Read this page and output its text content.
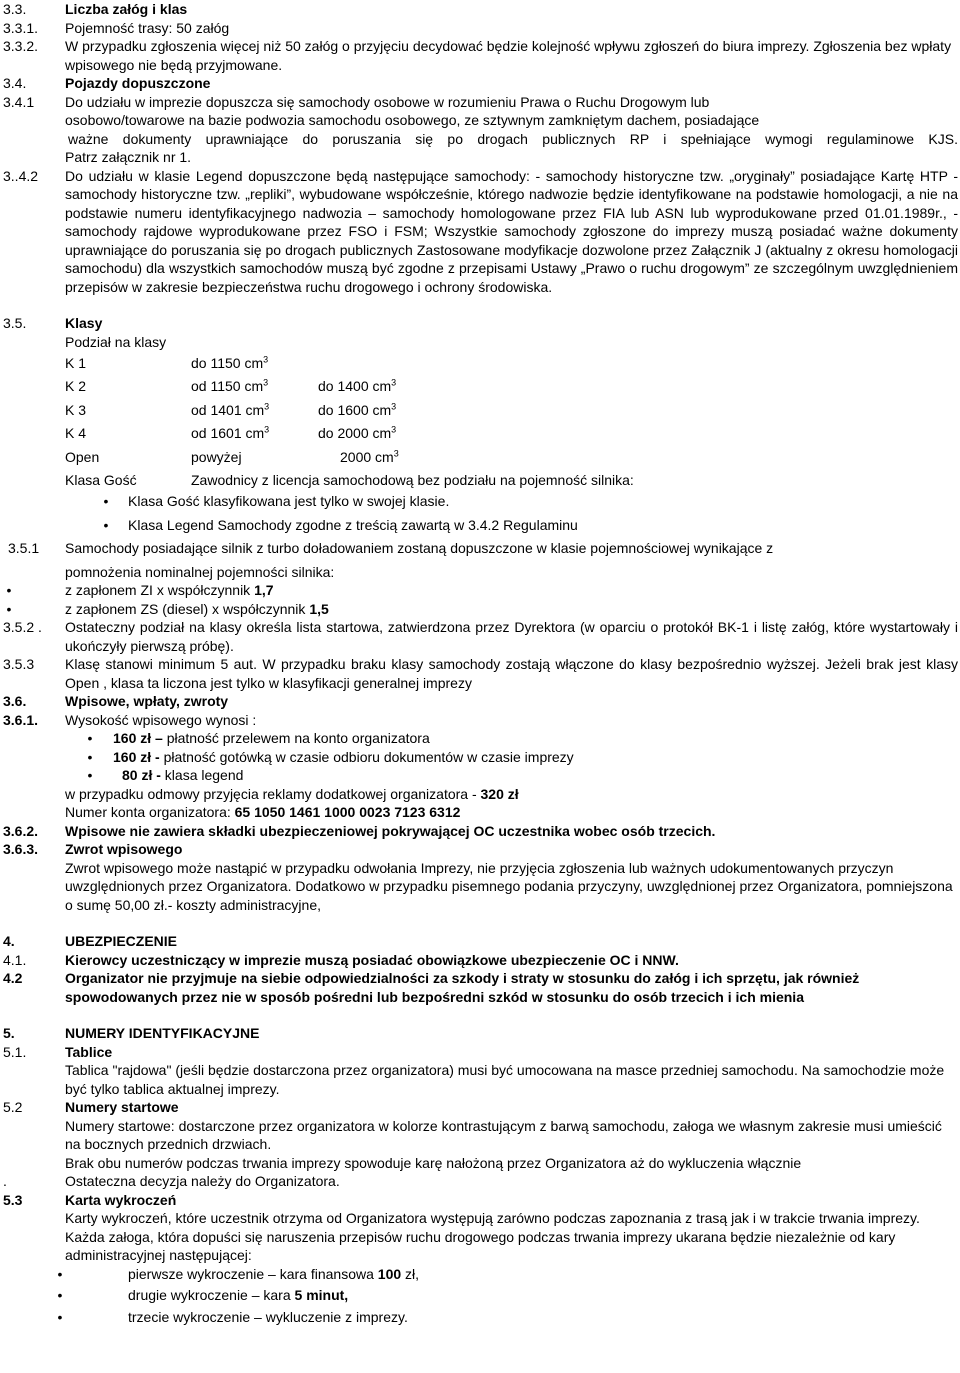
3.3.	Liczba załóg i klas
3.3.1.	Pojemność trasy: 50 załóg
3.3.2.	W przypadku zgłoszenia więcej niż 50 załóg o przyjęciu decydować będzie kolejność wpływu zgłoszeń do biura imprezy. Zgłoszenia bez wpłaty wpisowego nie będą przyjmowane.
3.4.	Pojazdy dopuszczone
3.4.1	Do udziału w imprezie dopuszcza się samochody osobowe w rozumieniu Prawa o Ruchu Drogowym lub
osobowo/towarowe na bazie podwozia samochodu osobowego, ze sztywnym zamkniętym dachem, posiadające
ważne dokumenty uprawniające do poruszania się po drogach publicznych RP i spełniające wymogi regulaminowe KJS.
Patrz załącznik nr 1.
3..4.2	Do udziału w klasie Legend dopuszczone będą następujące samochody: - samochody historyczne tzw. „oryginały” posiadające Kartę HTP - samochody historyczne tzw. „repliki”, wybudowane współcześnie, którego nadwozie będzie identyfikowane na podstawie homologacji, a nie na podstawie numeru identyfikacyjnego nadwozia – samochody homologowane przez FIA lub ASN lub wyprodukowane przed 01.01.1989r., - samochody rajdowe wyprodukowane przez FSO i FSM; Wszystkie samochody zgłoszone do imprezy muszą posiadać ważne dokumenty uprawniające do poruszania się po drogach publicznych Zastosowane modyfikacje dozwolone przez Załącznik J (aktualny z okresu homologacji samochodu) dla wszystkich samochodów muszą być zgodne z przepisami Ustawy „Prawo o ruchu drogowym” ze szczególnym uwzględnieniem przepisów w zakresie bezpieczeństwa ruchu drogowego i ochrony środowiska.
3.5.	Klasy
Podział na klasy
K 1	do 1150 $cm^3$
K 2	od 1150 $cm^3$	do 1400 $cm^3$
K 3	od 1401 $cm^3$	do 1600 $cm^3$
K 4	od 1601 $cm^3$	do 2000 $cm^3$
Open	powyżej	2000 $cm^3$
Klasa Gość	Zawodnicy z licencja samochodową bez podziału na pojemność silnika:
• Klasa Gość klasyfikowana jest tylko w swojej klasie.
• Klasa Legend Samochody zgodne z treścią zawartą w 3.4.2 Regulaminu
3.5.1	Samochody posiadające silnik z turbo doładowaniem zostaną dopuszczone w klasie pojemnościowej wynikające z
pomnożenia nominalnej pojemności silnika:
•	z zapłonem ZI x współczynnik 1,7
•	z zapłonem ZS (diesel) x współczynnik 1,5
3.5.2 .	Ostateczny podział na klasy określa lista startowa, zatwierdzona przez Dyrektora (w oparciu o protokół BK-1 i listę załóg, które wystartowały i ukończyły pierwszą próbę).
3.5.3	Klasę stanowi minimum 5 aut. W przypadku braku klasy samochody zostają włączone do klasy bezpośrednio wyższej. Jeżeli brak jest klasy Open , klasa ta liczona jest tylko w klasyfikacji generalnej imprezy
3.6.	Wpisowe, wpłaty, zwroty
3.6.1.	Wysokość wpisowego wynosi :
• 160 zł – płatność przelewem na konto organizatora
• 160 zł - płatność gotówką w czasie odbioru dokumentów w czasie imprezy
•	80 zł - klasa legend
w przypadku odmowy przyjęcia reklamy dodatkowej organizatora - 320 zł
Numer konta organizatora: 65 1050 1461 1000 0023 7123 6312
3.6.2.	Wpisowe nie zawiera składki ubezpieczeniowej pokrywającej OC uczestnika wobec osób trzecich.
3.6.3.	Zwrot wpisowego
Zwrot wpisowego może nastąpić w przypadku odwołania Imprezy, nie przyjęcia zgłoszenia lub ważnych udokumentowanych przyczyn uwzględnionych przez Organizatora. Dodatkowo w przypadku pisemnego podania przyczyny, uwzględnionej przez Organizatora, pomniejszona o sumę 50,00 zł.- koszty administracyjne,
4.	UBEZPIECZENIE
4.1.	Kierowcy uczestniczący w imprezie muszą posiadać obowiązkowe ubezpieczenie OC i NNW.
4.2	Organizator nie przyjmuje na siebie odpowiedzialności za szkody i straty w stosunku do załóg i ich sprzętu, jak również spowodowanych przez nie w sposób pośredni lub bezpośredni szkód w stosunku do osób trzecich i ich mienia
5.	NUMERY IDENTYFIKACYJNE
5.1.	Tablice
Tablica "rajdowa" (jeśli będzie dostarczona przez organizatora) musi być umocowana na masce przedniej samochodu. Na samochodzie może być tylko tablica aktualnej imprezy.
5.2	Numery startowe
Numery startowe: dostarczone przez organizatora w kolorze kontrastującym z barwą samochodu, załoga we własnym zakresie musi umieścić na bocznych przednich drzwiach.
Brak obu numerów podczas trwania imprezy spowoduje karę nałożoną przez Organizatora aż do wykluczenia włącznie
.	Ostateczna decyzja należy do Organizatora.
5.3	Karta wykroczeń
Karty wykroczeń, które uczestnik otrzyma od Organizatora występują zarówno podczas zapoznania z trasą jak i w trakcie trwania imprezy. Każda załoga, która dopuści się naruszenia przepisów ruchu drogowego podczas trwania imprezy ukarana będzie niezależnie od kary administracyjnej następującej:
•	pierwsze wykroczenie – kara finansowa 100 zł,
•	drugie wykroczenie – kara 5 minut,
•	trzecie wykroczenie – wykluczenie z imprezy.
